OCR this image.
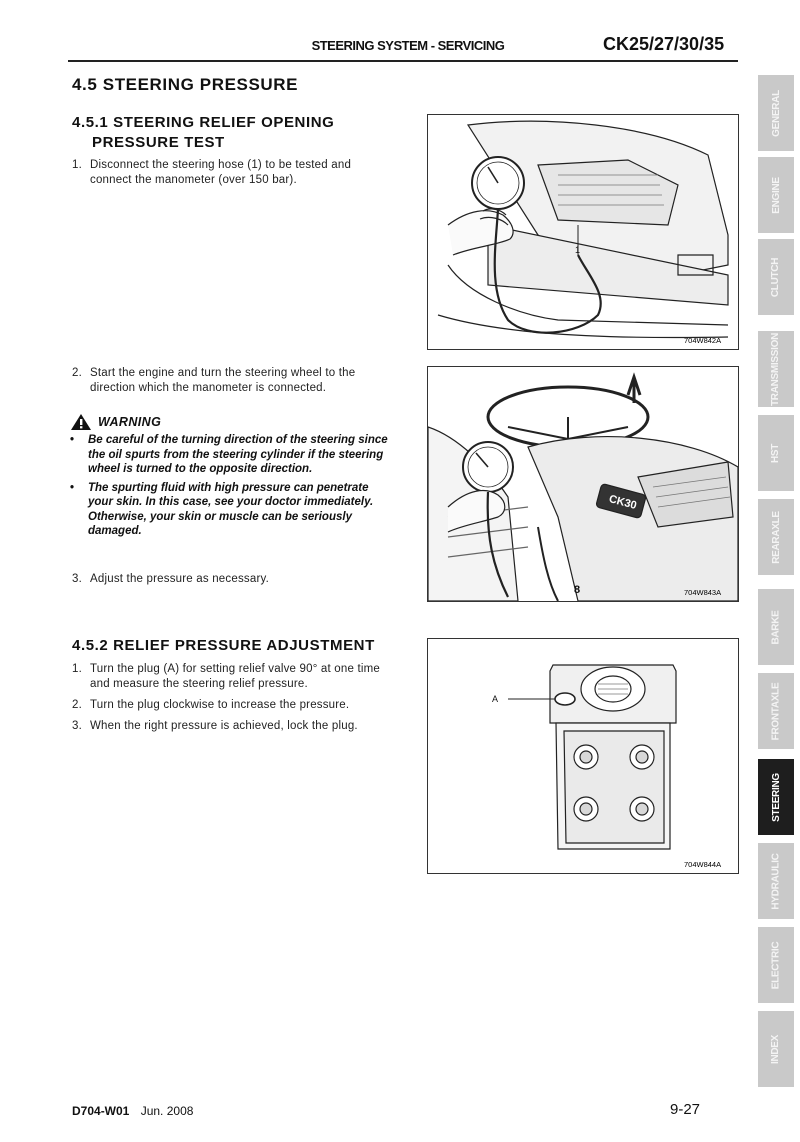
STEERING SYSTEM - SERVICING	CK25/27/30/35
4.5 STEERING PRESSURE
4.5.1 STEERING RELIEF OPENING
PRESSURE TEST
1. Disconnect the steering hose (1) to be tested and connect the manometer (over 150 bar).
2. Start the engine and turn the steering wheel to the direction which the manometer is connected.
WARNING
•	Be careful of the turning direction of the steering since the oil spurts from the steering cylinder if the steering wheel is turned to the opposite direction.
•	The spurting fluid with high pressure can penetrate your skin. In this case, see your doctor immediately. Otherwise, your skin or muscle can be seriously damaged.
3. Adjust the pressure as necessary.
4.5.2 RELIEF PRESSURE ADJUSTMENT
1. Turn the plug (A) for setting relief valve 90° at one time and measure the steering relief pressure.
2. Turn the plug clockwise to increase the pressure.
3. When the right pressure is achieved, lock the plug.
1
704W842A
CK30
8	704W843A
A
704W844A
GENERAL
ENGINE
CLUTCH
TRANSMISSION
HST
REARAXLE
BARKE
FRONTAXLE
STEERING
HYDRAULIC
ELECTRIC
INDEX
D704-W01 Jun. 2008	9-27
